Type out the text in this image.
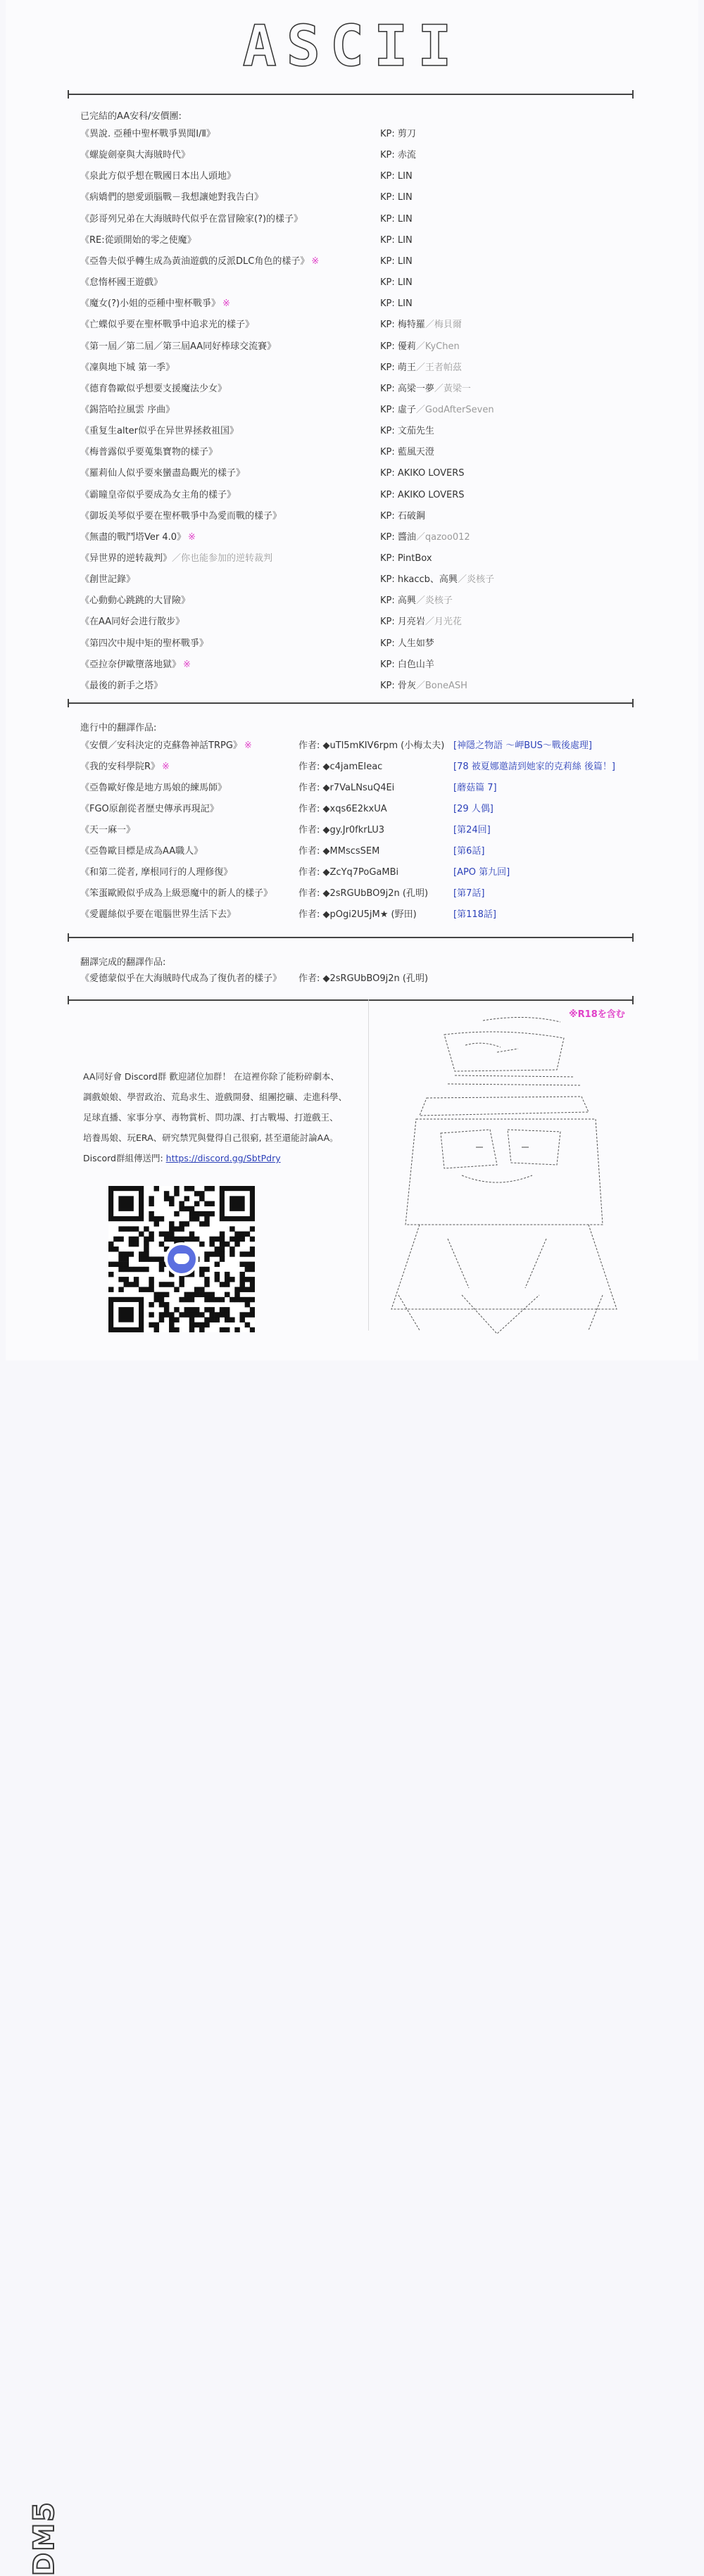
ASCII
已完結的AA安科/安價團:
《異說. 亞種中聖杯戰爭異聞Ⅰ/Ⅱ》	KP: 剪刀
《螺旋劍豪與大海賊時代》	KP: 赤流
《泉此方似乎想在戰國日本出人頭地》	KP: LIN
《病嬌們的戀愛頭腦戰－我想讓她對我告白》	KP: LIN
《彭哥列兄弟在大海賊時代似乎在當冒險家(?)的樣子》	KP: LIN
《RE:從頭開始的零之使魔》	KP: LIN
《亞魯夫似乎轉生成為黃油遊戲的反派DLC角色的樣子》 ※	KP: LIN
《怠惰杯國王遊戲》	KP: LIN
《魔女(?)小姐的亞種中聖杯戰爭》 ※	KP: LIN
《亡蝶似乎要在聖杯戰爭中追求光的樣子》	KP: 梅特羅／梅貝爾
《第一屆／第二屆／第三屆AA同好棒球交流賽》	KP: 優莉／KyChen
《凜與地下城 第一季》	KP: 萌王／王者帕茲
《德育魯歐似乎想要支援魔法少女》	KP: 高梁一夢／黃梁一
《錫箔哈拉風雲 序曲》	KP: 虛子／GodAfterSeven
《重复生alter似乎在异世界拯救祖国》	KP: 文茄先生
《梅普露似乎要蒐集寶物的樣子》	KP: 藍風天澄
《羅莉仙人似乎要來蠻盡島觀光的樣子》	KP: AKIKO LOVERS
《霸瞳皇帝似乎要成為女主角的樣子》	KP: AKIKO LOVERS
《御坂美琴似乎要在聖杯戰爭中為愛而戰的樣子》	KP: 石破鋼
《無盡的戰鬥塔Ver 4.0》 ※	KP: 醬油／qazoo012
《异世界的逆转裁判》／你也能参加的逆转裁判	KP: PintBox
《創世記錄》	KP: hkaccb、高興／炎核子
《心動動心跳跳的大冒險》	KP: 高興／炎核子
《在AA同好会进行散步》	KP: 月亮岩／月光花
《第四次中規中矩的聖杯戰爭》	KP: 人生如梦
《亞拉奈伊歐墮落地獄》 ※	KP: 白色山羊
《最後的新手之塔》	KP: 骨灰／BoneASH
進行中的翻譯作品:
《安價／安科決定的克蘇魯神話TRPG》 ※	作者: ◆uTl5mKIV6rpm (小梅太夫) [神隱之物語 ～岬BUS～戰後處理]
《我的安科學院R》 ※	作者: ◆c4jamEIeac	[78 被夏娜邀請到她家的克莉絲 後篇！]
《亞魯歐好像是地方馬娘的練馬師》	作者: ◆r7VaLNsuQ4Ei	[蘑菇篇 7]
《FGO原創從者歷史傳承再現記》	作者: ◆xqs6E2kxUA	[29 人偶]
《天一麻一》	作者: ◆gy.Jr0fkrLU3	[第24回]
《亞魯歐目標是成為AA職人》	作者: ◆MMscsSEM	[第6話]
《和第二從者, 摩根同行的人理修復》	作者: ◆ZcYq7PoGaMBi	[APO 第九回]
《笨蛋歐殿似乎成為上級惡魔中的新人的樣子》	作者: ◆2sRGUbBO9j2n (孔明)	[第7話]
《愛麗絲似乎要在電腦世界生活下去》	作者: ◆pOgi2U5jM★ (野田)	[第118話]
翻譯完成的翻譯作品:
《愛德蒙似乎在大海賊時代成為了復仇者的樣子》 作者: ◆2sRGUbBO9j2n (孔明)
※R18を含む
AA同好會 Discord群 歡迎諸位加群！ 在這裡你除了能粉碎劇本、
調戲娘娘、學習政治、荒島求生、遊戲開發、組團挖礦、走進科學、
足球直播、家事分享、毒物賞析、問功課、打古戰場、打遊戲王、
培養馬娘、玩ERA、研究禁咒與覺得自己很窮, 甚至還能討論AA。
Discord群組傳送門: https://discord.gg/SbtPdry
DM5
